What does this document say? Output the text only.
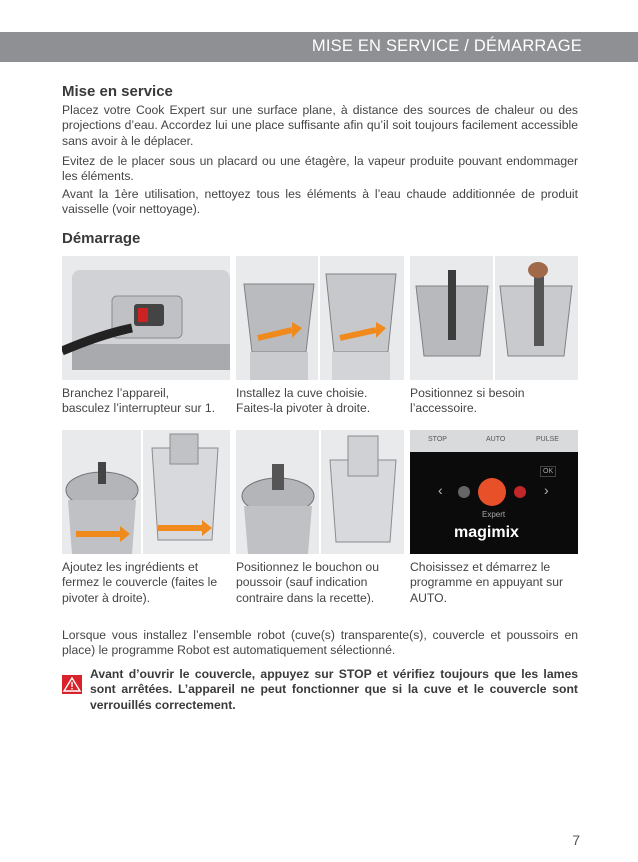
MISE EN SERVICE / DÉMARRAGE
Mise en service

Placez votre Cook Expert sur une surface plane, à distance des sources de chaleur ou des projections d’eau. Accordez lui une place suffisante afin qu’il soit toujours facilement accessible sans avoir à le déplacer.

Evitez de le placer sous un placard ou une étagère, la vapeur produite pouvant endommager les éléments.

Avant la 1ère utilisation, nettoyez tous les éléments à l’eau chaude additionnée de produit vaisselle (voir nettoyage).

Démarrage

Branchez l’appareil,
basculez l’interrupteur sur 1.

Installez la cuve choisie.
Faites-la pivoter à droite.

Positionnez si besoin
l’accessoire.

STOP	AUTO	PULSE
OK
‹	›
Expert
magimix

Ajoutez les ingrédients et
fermez le couvercle (faites le
pivoter à droite).

Positionnez le bouchon ou
poussoir (sauf indication
contraire dans la recette).

Choisissez et démarrez le
programme en appuyant sur
AUTO.

Lorsque vous installez l’ensemble robot (cuve(s) transparente(s), couvercle et poussoirs en place) le programme Robot est automatiquement sélectionné.

Avant d’ouvrir le couvercle, appuyez sur STOP et vérifiez toujours que les lames sont arrêtées. L’appareil ne peut fonctionner que si la cuve et le couvercle sont verrouillés correctement.

7
